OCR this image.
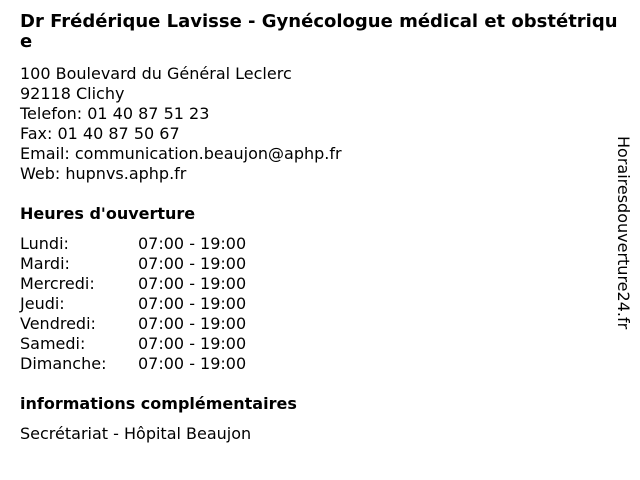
Dr Frédérique Lavisse - Gynécologue médical et obstétrique
100 Boulevard du Général Leclerc
92118 Clichy
Telefon: 01 40 87 51 23
Fax: 01 40 87 50 67
Email: communication.beaujon@aphp.fr
Web: hupnvs.aphp.fr
Heures d'ouverture
Lundi:	07:00 - 19:00
Mardi:	07:00 - 19:00
Mercredi:	07:00 - 19:00
Jeudi:	07:00 - 19:00
Vendredi:	07:00 - 19:00
Samedi:	07:00 - 19:00
Dimanche:	07:00 - 19:00
informations complémentaires
Secrétariat - Hôpital Beaujon
Horairesdouverture24.fr
